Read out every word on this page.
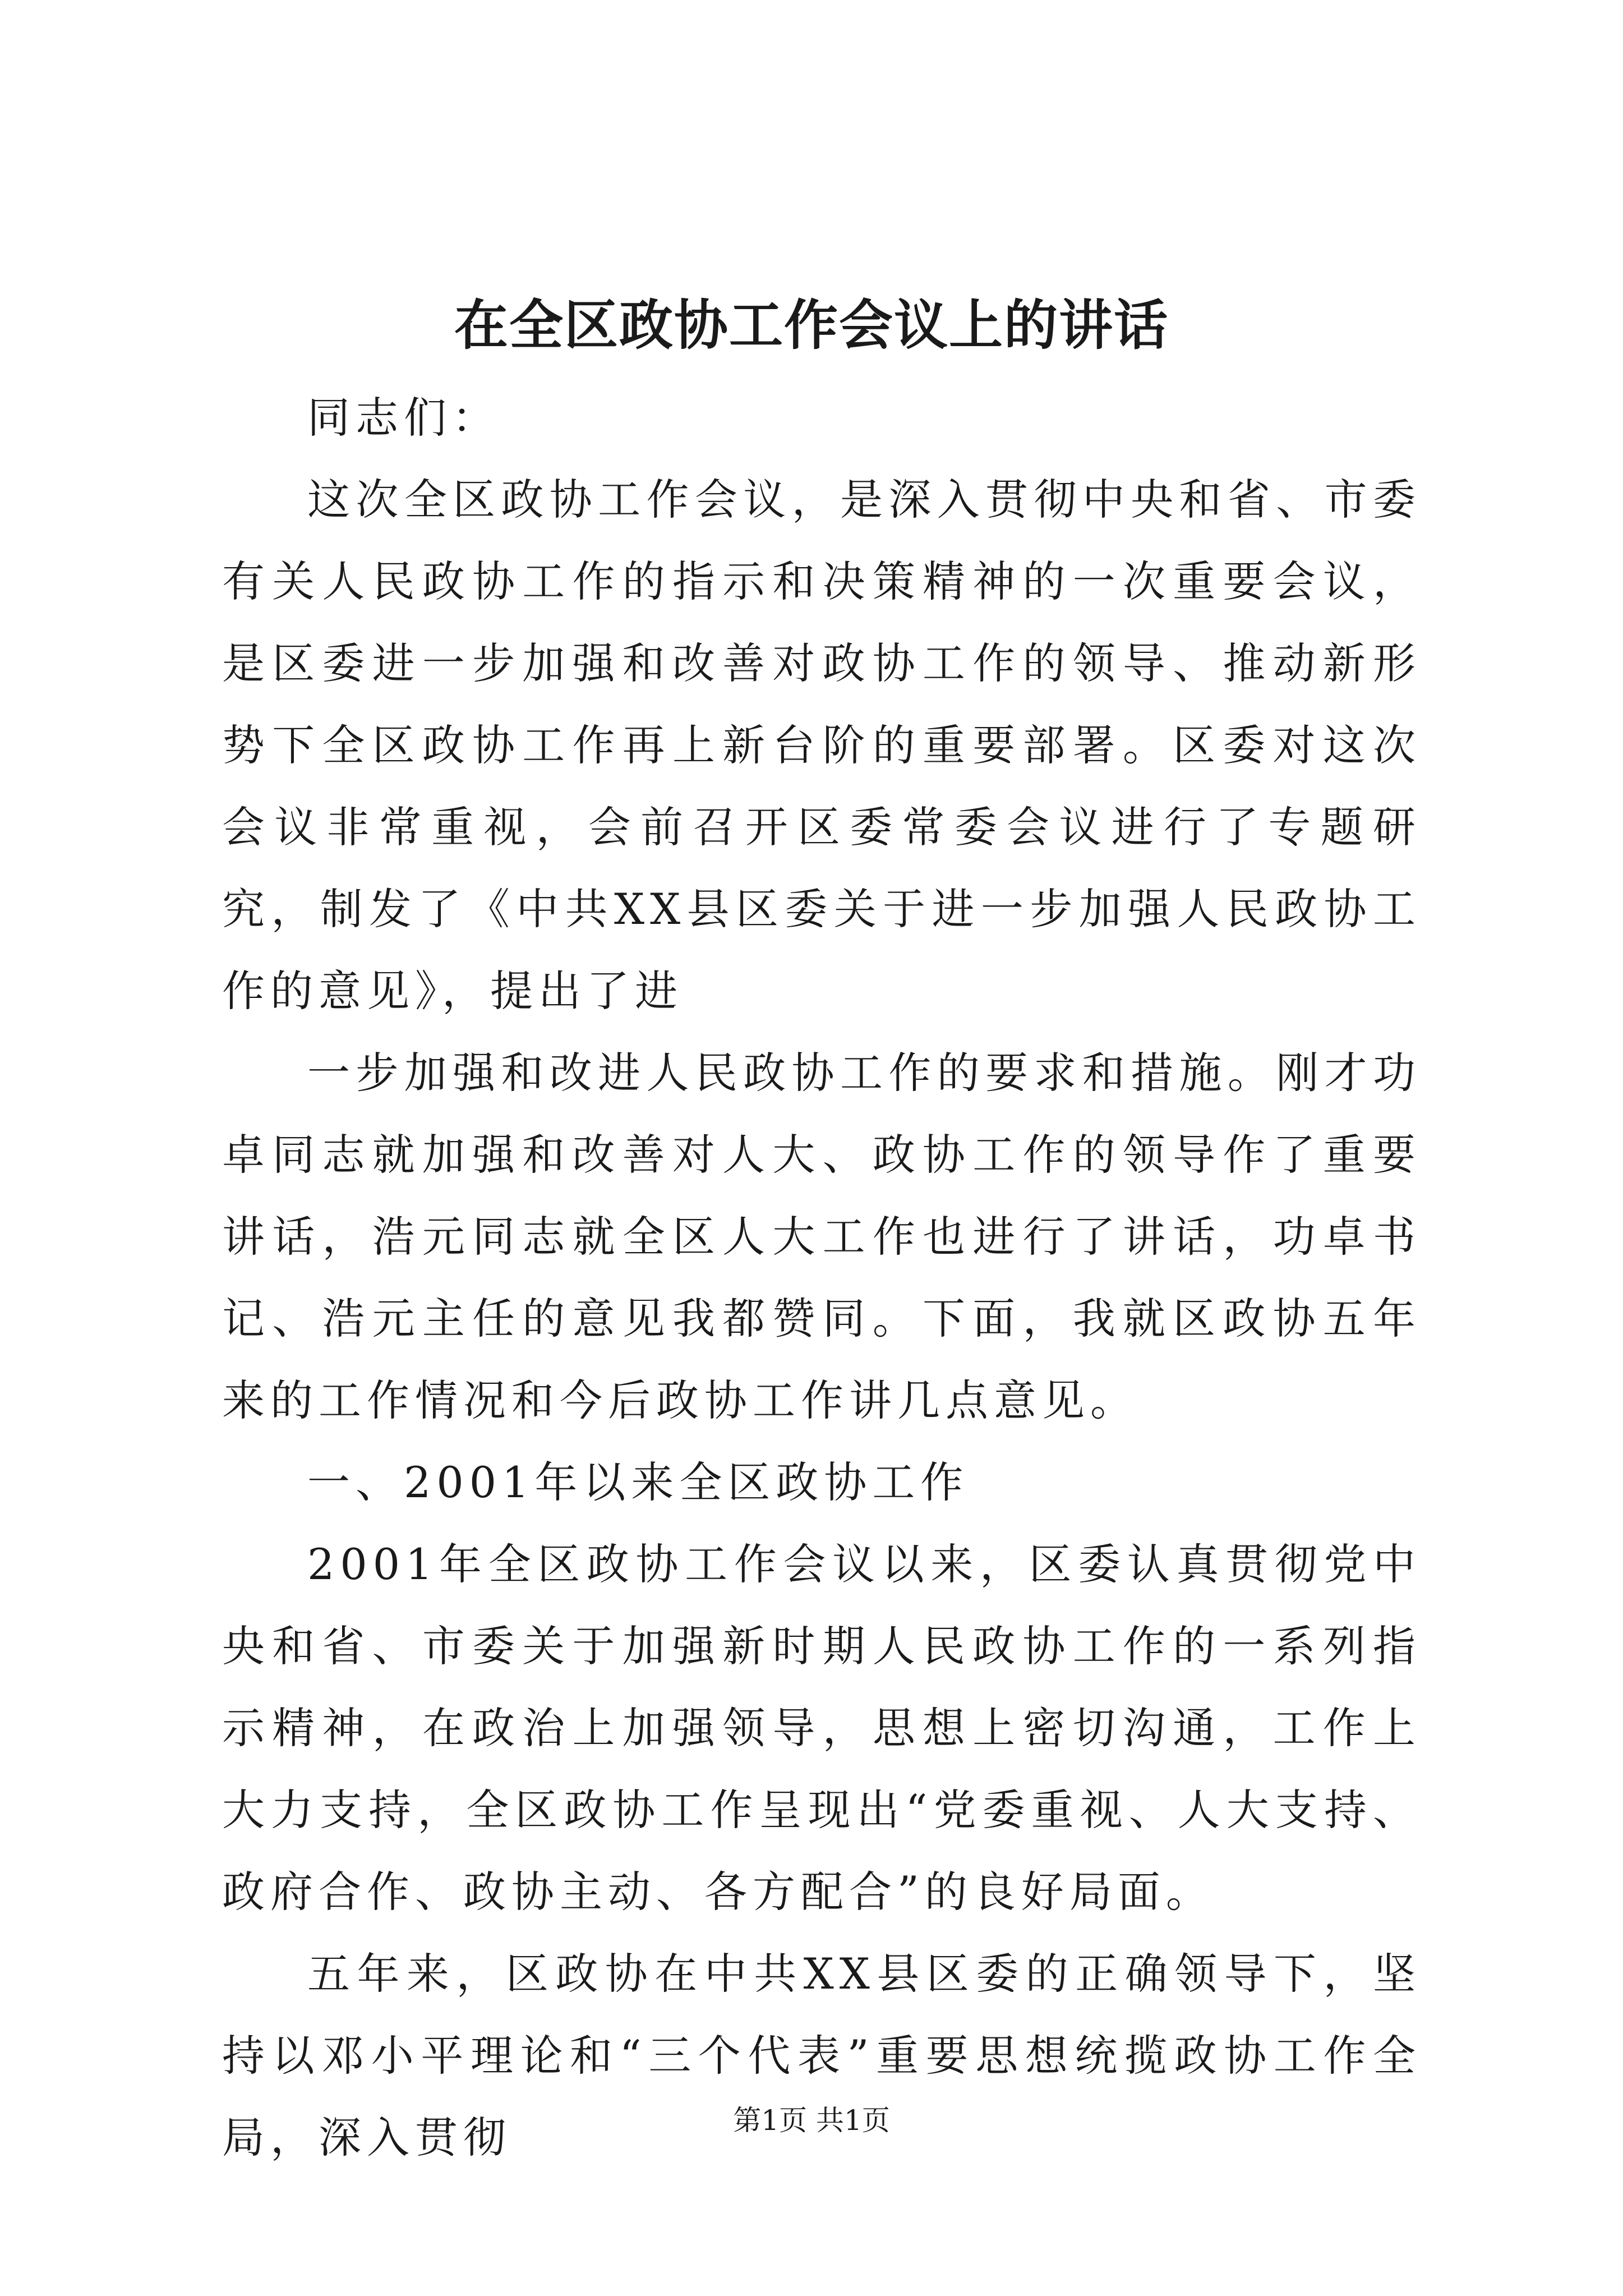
在全区政协工作会议上的讲话

同志们：

这次全区政协工作会议，是深入贯彻中央和省、市委有关人民政协工作的指示和决策精神的一次重要会议，是区委进一步加强和改善对政协工作的领导、推动新形势下全区政协工作再上新台阶的重要部署。区委对这次会议非常重视，会前召开区委常委会议进行了专题研究，制发了《中共XX县区委关于进一步加强人民政协工作的意见》，提出了进

一步加强和改进人民政协工作的要求和措施。刚才功卓同志就加强和改善对人大、政协工作的领导作了重要讲话，浩元同志就全区人大工作也进行了讲话，功卓书记、浩元主任的意见我都赞同。下面，我就区政协五年来的工作情况和今后政协工作讲几点意见。

一、2001年以来全区政协工作

2001年全区政协工作会议以来，区委认真贯彻党中央和省、市委关于加强新时期人民政协工作的一系列指示精神，在政治上加强领导，思想上密切沟通，工作上大力支持，全区政协工作呈现出“党委重视、人大支持、政府合作、政协主动、各方配合”的良好局面。

五年来，区政协在中共XX县区委的正确领导下，坚持以邓小平理论和“三个代表”重要思想统揽政协工作全局，深入贯彻	第1页 共1页
